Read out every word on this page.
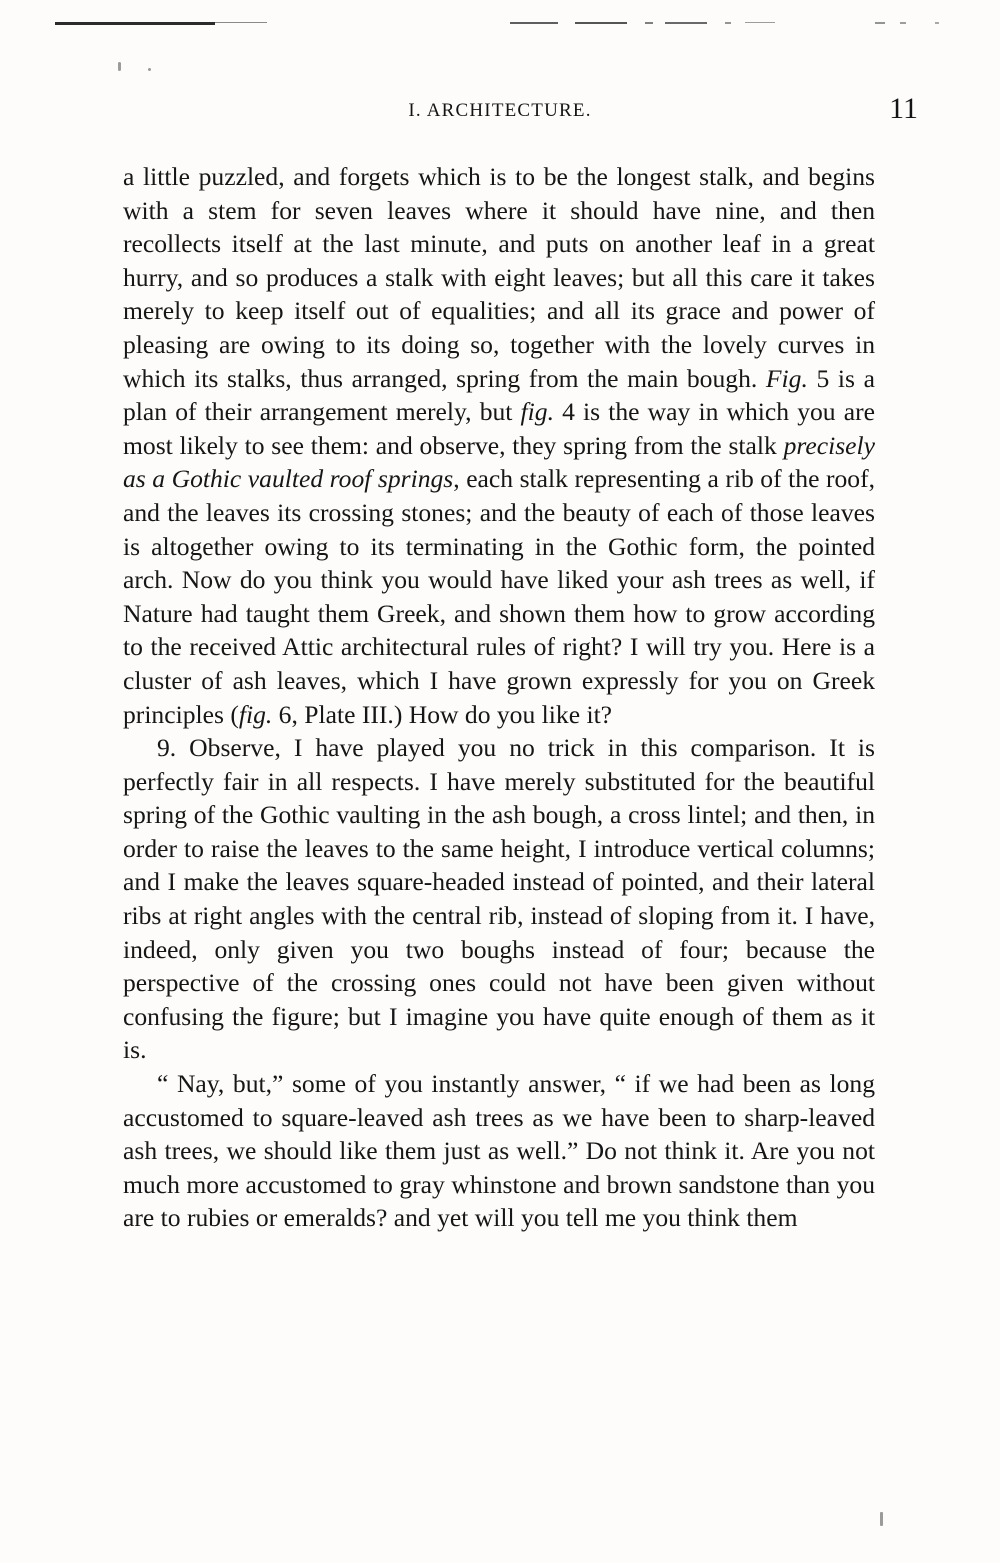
I. ARCHITECTURE.	11

a little puzzled, and forgets which is to be the longest stalk, and begins with a stem for seven leaves where it should have nine, and then recollects itself at the last minute, and puts on another leaf in a great hurry, and so produces a stalk with eight leaves; but all this care it takes merely to keep itself out of equalities; and all its grace and power of pleasing are owing to its doing so, together with the lovely curves in which its stalks, thus arranged, spring from the main bough. Fig. 5 is a plan of their arrangement merely, but fig. 4 is the way in which you are most likely to see them: and observe, they spring from the stalk precisely as a Gothic vaulted roof springs, each stalk representing a rib of the roof, and the leaves its crossing stones; and the beauty of each of those leaves is altogether owing to its terminating in the Gothic form, the pointed arch. Now do you think you would have liked your ash trees as well, if Nature had taught them Greek, and shown them how to grow according to the received Attic architectural rules of right? I will try you. Here is a cluster of ash leaves, which I have grown expressly for you on Greek principles (fig. 6, Plate III.) How do you like it?

9. Observe, I have played you no trick in this comparison. It is perfectly fair in all respects. I have merely substituted for the beautiful spring of the Gothic vaulting in the ash bough, a cross lintel; and then, in order to raise the leaves to the same height, I introduce vertical columns; and I make the leaves square-headed instead of pointed, and their lateral ribs at right angles with the central rib, instead of sloping from it. I have, indeed, only given you two boughs instead of four; because the perspective of the crossing ones could not have been given without confusing the figure; but I imagine you have quite enough of them as it is.

“ Nay, but,” some of you instantly answer, “ if we had been as long accustomed to square-leaved ash trees as we have been to sharp-leaved ash trees, we should like them just as well.” Do not think it. Are you not much more accustomed to gray whinstone and brown sandstone than you are to rubies or emeralds? and yet will you tell me you think them
